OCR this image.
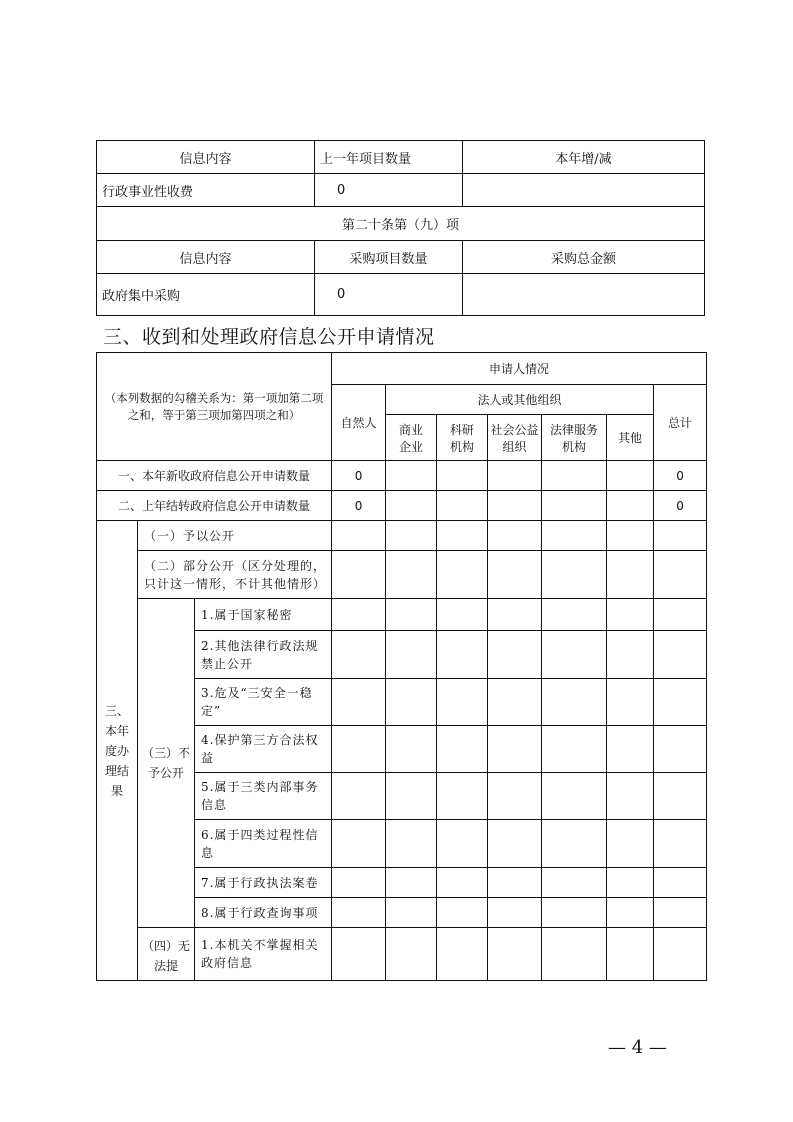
信息内容	上一年项目数量	本年增/减
行政事业性收费	0	
第二十条第（九）项		
信息内容	采购项目数量	采购总金额
政府集中采购	0	
三、收到和处理政府信息公开申请情况
（本列数据的勾稽关系为：第一项加第二项之和，等于第三项加第四项之和）			申请人情况						
			自然人	法人或其他组织					总计
				商业企业	科研机构	社会公益组织	法律服务机构	其他	
一、本年新收政府信息公开申请数量			0						0
二、上年结转政府信息公开申请数量			0						0
三、本年度办理结果	（一）予以公开								
	（二）部分公开（区分处理的，只计这一情形，不计其他情形）								
	（三）不予公开	1.属于国家秘密							
		2.其他法律行政法规禁止公开							
		3.危及“三安全一稳定”							
		4.保护第三方合法权益							
		5.属于三类内部事务信息							
		6.属于四类过程性信息							
		7.属于行政执法案卷							
		8.属于行政查询事项							
	（四）无法提	1.本机关不掌握相关政府信息							
— 4 —
